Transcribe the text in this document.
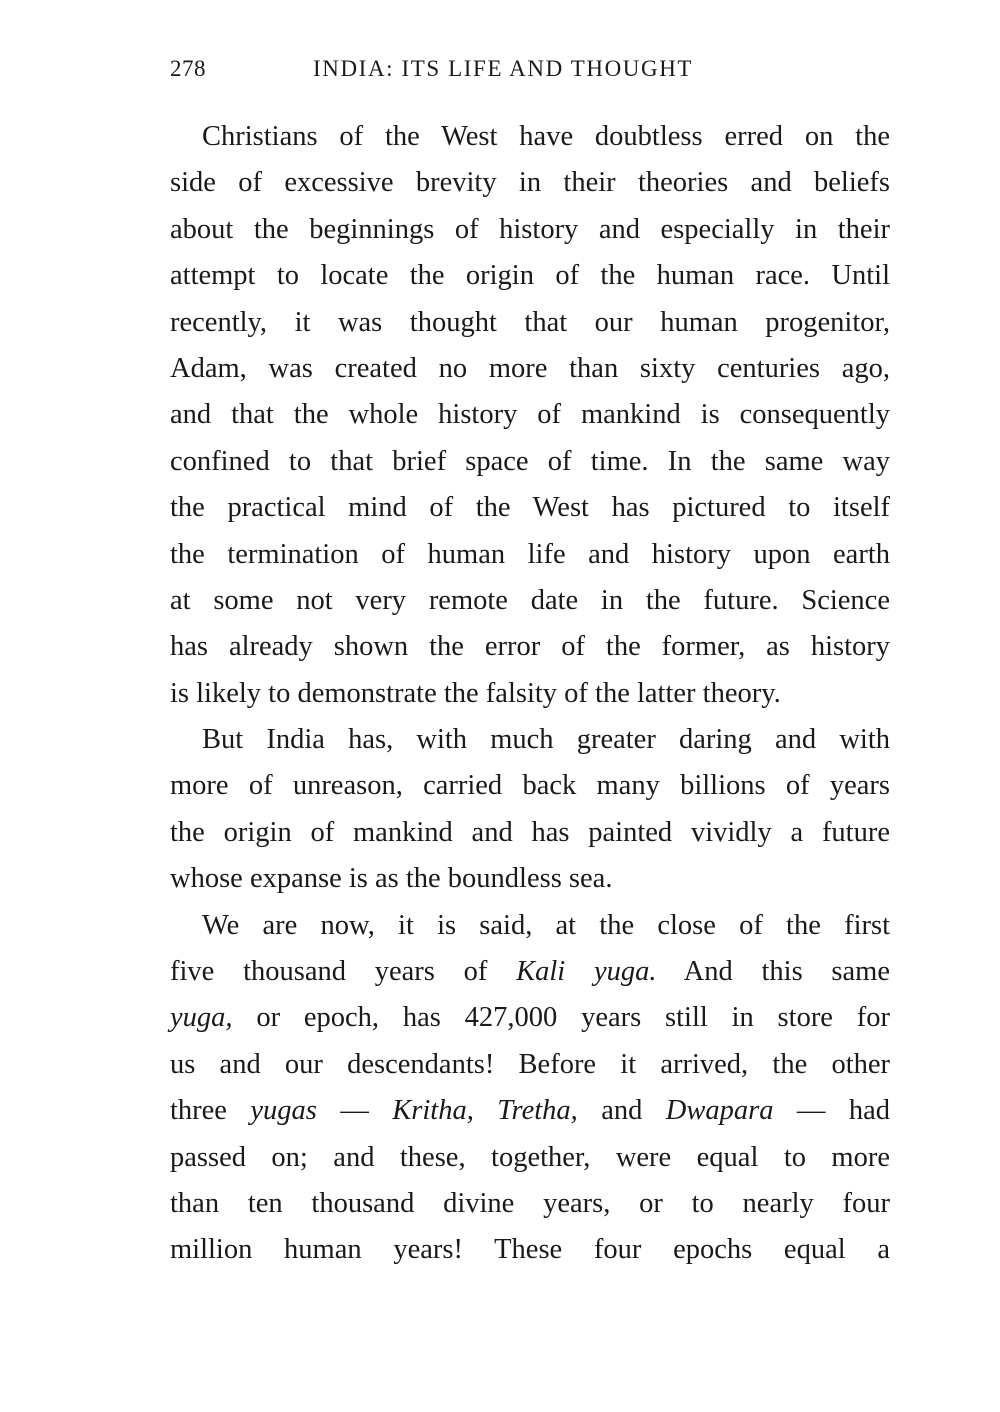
278	INDIA: ITS LIFE AND THOUGHT
Christians of the West have doubtless erred on the
side of excessive brevity in their theories and beliefs
about the beginnings of history and especially in their
attempt to locate the origin of the human race. Until
recently, it was thought that our human progenitor,
Adam, was created no more than sixty centuries ago,
and that the whole history of mankind is consequently
confined to that brief space of time. In the same way
the practical mind of the West has pictured to itself
the termination of human life and history upon earth
at some not very remote date in the future. Science
has already shown the error of the former, as history
is likely to demonstrate the falsity of the latter theory.
But India has, with much greater daring and with
more of unreason, carried back many billions of years
the origin of mankind and has painted vividly a future
whose expanse is as the boundless sea.
We are now, it is said, at the close of the first
five thousand years of Kali yuga. And this same
yuga, or epoch, has 427,000 years still in store for
us and our descendants! Before it arrived, the other
three yugas — Kritha, Tretha, and Dwapara — had
passed on; and these, together, were equal to more
than ten thousand divine years, or to nearly four
million human years! These four epochs equal a
